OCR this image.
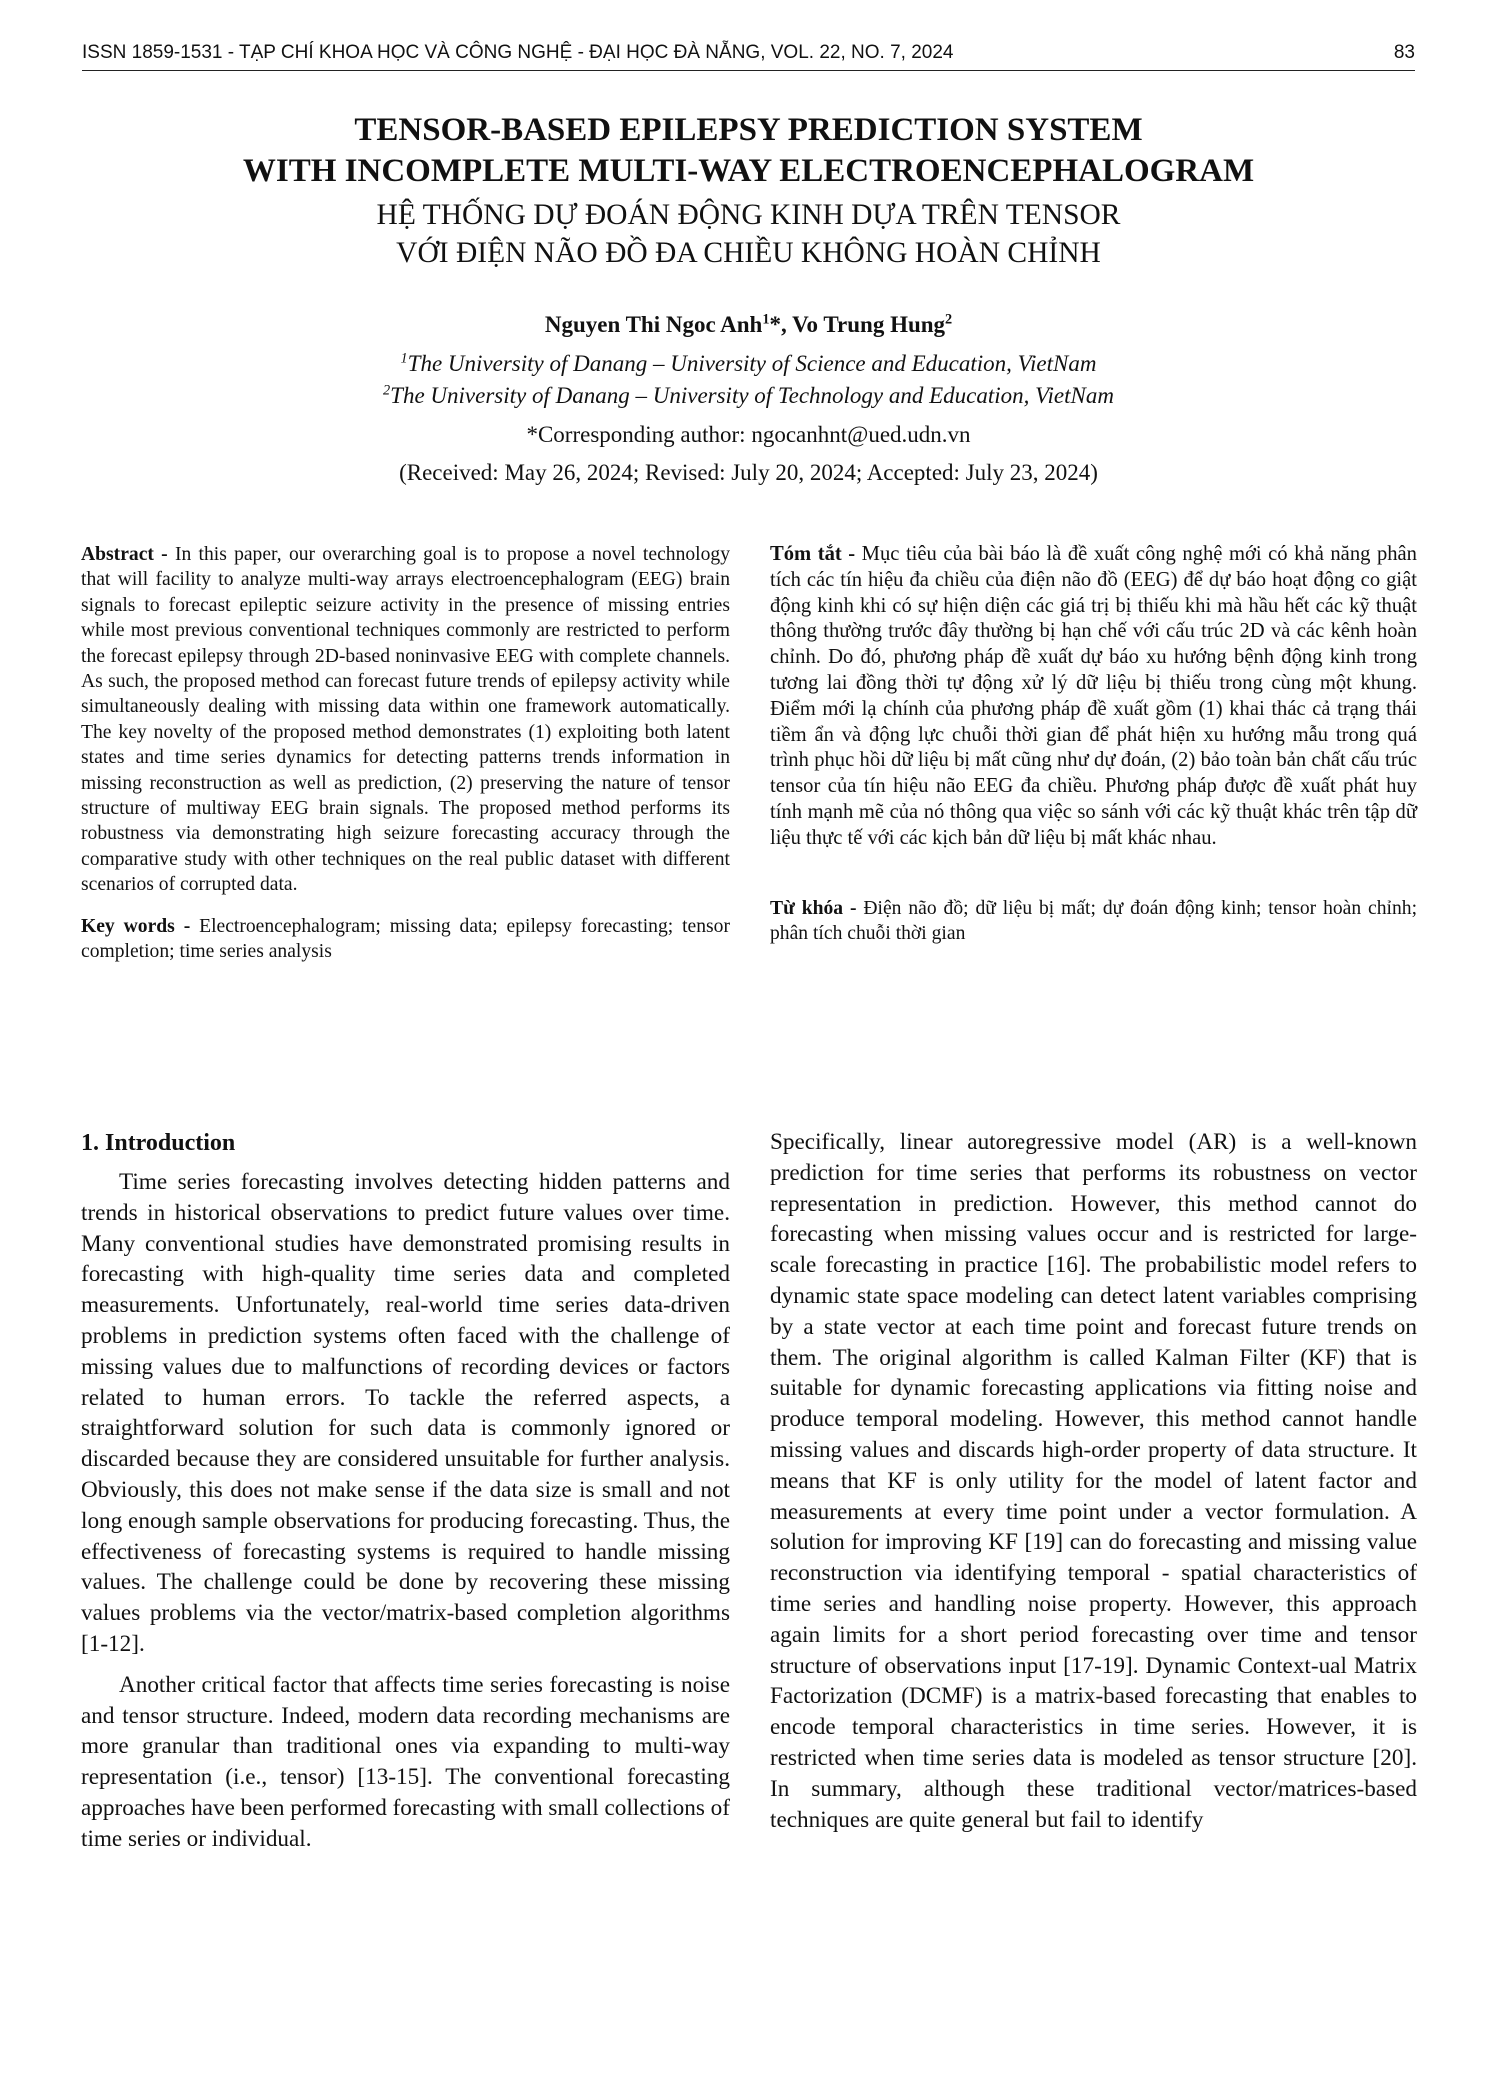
ISSN 1859-1531 - TẠP CHÍ KHOA HỌC VÀ CÔNG NGHỆ - ĐẠI HỌC ĐÀ NẴNG, VOL. 22, NO. 7, 2024	83
TENSOR-BASED EPILEPSY PREDICTION SYSTEM
WITH INCOMPLETE MULTI-WAY ELECTROENCEPHALOGRAM
HỆ THỐNG DỰ ĐOÁN ĐỘNG KINH DỰA TRÊN TENSOR
VỚI ĐIỆN NÃO ĐỒ ĐA CHIỀU KHÔNG HOÀN CHỈNH
Nguyen Thi Ngoc Anh$^1$*, Vo Trung Hung$^2$
$^1$The University of Danang – University of Science and Education, VietNam
$^2$The University of Danang – University of Technology and Education, VietNam
*Corresponding author: ngocanhnt@ued.udn.vn
(Received: May 26, 2024; Revised: July 20, 2024; Accepted: July 23, 2024)
Abstract - In this paper, our overarching goal is to propose a novel technology that will facility to analyze multi-way arrays electroencephalogram (EEG) brain signals to forecast epileptic seizure activity in the presence of missing entries while most previous conventional techniques commonly are restricted to perform the forecast epilepsy through 2D-based noninvasive EEG with complete channels. As such, the proposed method can forecast future trends of epilepsy activity while simultaneously dealing with missing data within one framework automatically. The key novelty of the proposed method demonstrates (1) exploiting both latent states and time series dynamics for detecting patterns trends information in missing reconstruction as well as prediction, (2) preserving the nature of tensor structure of multiway EEG brain signals. The proposed method performs its robustness via demonstrating high seizure forecasting accuracy through the comparative study with other techniques on the real public dataset with different scenarios of corrupted data.
Key words - Electroencephalogram; missing data; epilepsy forecasting; tensor completion; time series analysis
Tóm tắt - Mục tiêu của bài báo là đề xuất công nghệ mới có khả năng phân tích các tín hiệu đa chiều của điện não đồ (EEG) để dự báo hoạt động co giật động kinh khi có sự hiện diện các giá trị bị thiếu khi mà hầu hết các kỹ thuật thông thường trước đây thường bị hạn chế với cấu trúc 2D và các kênh hoàn chỉnh. Do đó, phương pháp đề xuất dự báo xu hướng bệnh động kinh trong tương lai đồng thời tự động xử lý dữ liệu bị thiếu trong cùng một khung. Điểm mới lạ chính của phương pháp đề xuất gồm (1) khai thác cả trạng thái tiềm ẩn và động lực chuỗi thời gian để phát hiện xu hướng mẫu trong quá trình phục hồi dữ liệu bị mất cũng như dự đoán, (2) bảo toàn bản chất cấu trúc tensor của tín hiệu não EEG đa chiều. Phương pháp được đề xuất phát huy tính mạnh mẽ của nó thông qua việc so sánh với các kỹ thuật khác trên tập dữ liệu thực tế với các kịch bản dữ liệu bị mất khác nhau.
Từ khóa - Điện não đồ; dữ liệu bị mất; dự đoán động kinh; tensor hoàn chỉnh; phân tích chuỗi thời gian
1. Introduction

Time series forecasting involves detecting hidden patterns and trends in historical observations to predict future values over time. Many conventional studies have demonstrated promising results in forecasting with high-quality time series data and completed measurements. Unfortunately, real-world time series data-driven problems in prediction systems often faced with the challenge of missing values due to malfunctions of recording devices or factors related to human errors. To tackle the referred aspects, a straightforward solution for such data is commonly ignored or discarded because they are considered unsuitable for further analysis. Obviously, this does not make sense if the data size is small and not long enough sample observations for producing forecasting. Thus, the effectiveness of forecasting systems is required to handle missing values. The challenge could be done by recovering these missing values problems via the vector/matrix-based completion algorithms [1-12].

Another critical factor that affects time series forecasting is noise and tensor structure. Indeed, modern data recording mechanisms are more granular than traditional ones via expanding to multi-way representation (i.e., tensor) [13-15]. The conventional forecasting approaches have been performed forecasting with small collections of time series or individual.

Specifically, linear autoregressive model (AR) is a well-known prediction for time series that performs its robustness on vector representation in prediction. However, this method cannot do forecasting when missing values occur and is restricted for large-scale forecasting in practice [16]. The probabilistic model refers to dynamic state space modeling can detect latent variables comprising by a state vector at each time point and forecast future trends on them. The original algorithm is called Kalman Filter (KF) that is suitable for dynamic forecasting applications via fitting noise and produce temporal modeling. However, this method cannot handle missing values and discards high-order property of data structure. It means that KF is only utility for the model of latent factor and measurements at every time point under a vector formulation. A solution for improving KF [19] can do forecasting and missing value reconstruction via identifying temporal - spatial characteristics of time series and handling noise property. However, this approach again limits for a short period forecasting over time and tensor structure of observations input [17-19]. Dynamic Context-ual Matrix Factorization (DCMF) is a matrix-based forecasting that enables to encode temporal characteristics in time series. However, it is restricted when time series data is modeled as tensor structure [20]. In summary, although these traditional vector/matrices-based techniques are quite general but fail to identify
